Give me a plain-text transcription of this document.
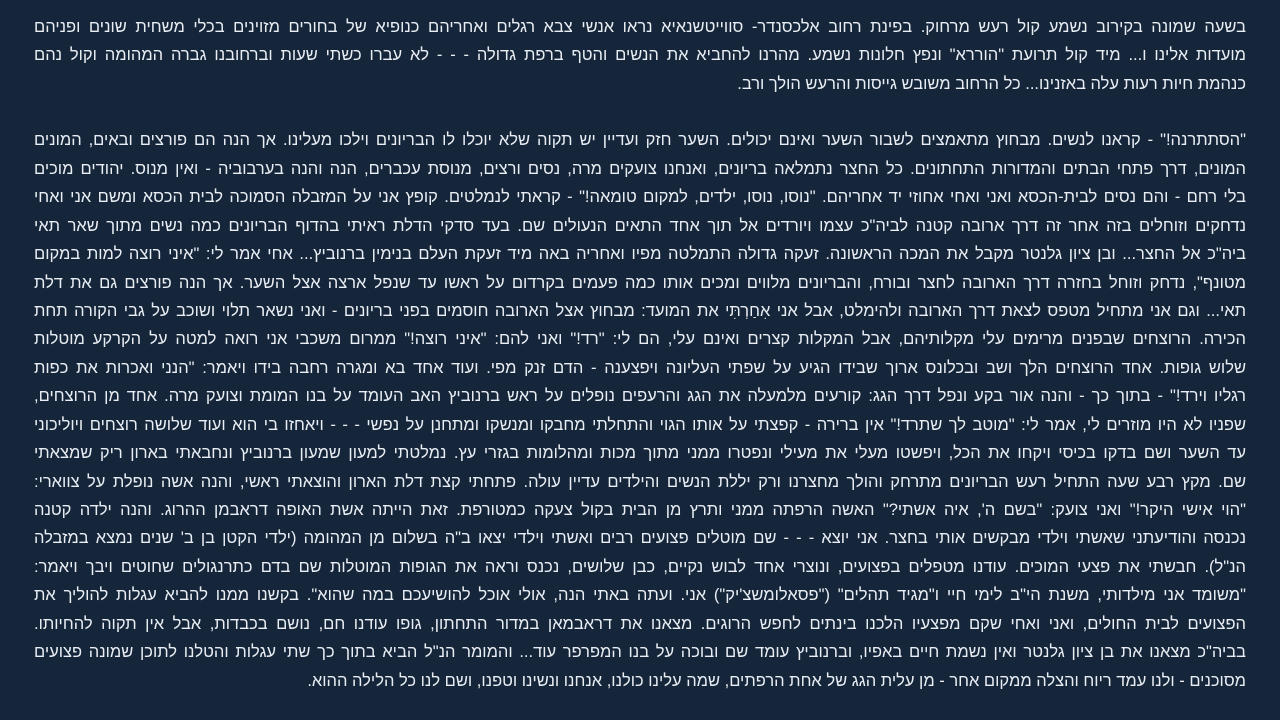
בשעה שמונה בקירוב נשמע קול רעש מרחוק. בפינת רחוב אלכסנדר- סווייטשנאיא נראו אנשי צבא רגלים ואחריהם כנופיא של בחורים מזוינים בכלי משחית שונים ופניהם
מועדות אלינו ו... מיד קול תרועת "הוררא" ונפץ חלונות נשמע. מהרנו להחביא את הנשים והטף ברפת גדולה - - - לא עברו כשתי שעות וברחובנו גברה המהומה וקול נהם
כנהמת חיות רעות עלה באזנינו... כל הרחוב משובש גייסות והרעש הולך ורב.
"הסתתרנה!" - קראנו לנשים. מבחוץ מתאמצים לשבור השער ואינם יכולים. השער חזק ועדיין יש תקוה שלא יוכלו לו הבריונים וילכו מעלינו. אך הנה הם פורצים ובאים, המונים
המונים, דרך פתחי הבתים והמדורות התחתונים. כל החצר נתמלאה בריונים, ואנחנו צועקים מרה, נסים ורצים, מנוסת עכברים, הנה והנה בערבוביה - ואין מנוס. יהודים מוכים
בלי רחם - והם נסים לבית-הכסא ואני ואחי אחוזי יד אחריהם. "נוסו, נוסו, ילדים, למקום טומאה!" - קראתי לנמלטים. קופץ אני על המזבלה הסמוכה לבית הכסא ומשם אני ואחי
נדחקים וזוחלים בזה אחר זה דרך ארובה קטנה לביה"כ עצמו ויורדים אל תוך אחד התאים הנעולים שם. בעד סדקי הדלת ראיתי בהדוף הבריונים כמה נשים מתוך שאר תאי
ביה"כ אל החצר... ובן ציון גלנטר מקבל את המכה הראשונה. זעקה גדולה התמלטה מפיו ואחריה באה מיד זעקת העלם בנימין ברנוביץ... אחי אמר לי: "איני רוצה למות במקום
מטונף", נדחק וזוחל בחזרה דרך הארובה לחצר ובורח, והבריונים מלווים ומכים אותו כמה פעמים בקרדום על ראשו עד שנפל ארצה אצל השער. אך הנה פורצים גם את דלת
תאי... וגם אני מתחיל מטפס לצאת דרך הארובה ולהימלט, אבל אני אִחַרְתִּי את המועד: מבחוץ אצל הארובה חוסמים בפני בריונים - ואני נשאר תלוי ושוכב על גבי הקורה תחת
הכירה. הרוצחים שבפנים מרימים עלי מקלותיהם, אבל המקלות קצרים ואינם עלי, הם לי: "רד!" ואני להם: "איני רוצה!" ממרום משכבי אני רואה למטה על הקרקע מוטלות
שלוש גופות. אחד הרוצחים הלך ושב ובכלונס ארוך שבידו הגיע על שפתי העליונה ויפצענה - הדם זנק מפי. ועוד אחד בא ומגרה רחבה בידו ויאמר: "הנני ואכרות את כפות
רגליו וירד!" - בתוך כך - והנה אור בקע ונפל דרך הגג: קורעים מלמעלה את הגג והרעפים נופלים על ראש ברנוביץ האב העומד על בנו המומת וצועק מרה. אחד מן הרוצחים,
שפניו לא היו מוזרים לי, אמר לי: "מוטב לך שתרד!" אין ברירה - קפצתי על אותו הגוי והתחלתי מחבקו ומנשקו ומתחנן על נפשי - - - ויאחזו בי הוא ועוד שלושה רוצחים ויוליכוני
עד השער ושם בדקו בכיסי ויקחו את הכל, ויפשטו מעלי את מעילי ונפטרו ממני מתוך מכות ומהלומות בגזרי עץ. נמלטתי למעון שמעון ברנוביץ ונחבאתי בארון ריק שמצאתי
שם. מקץ רבע שעה התחיל רעש הבריונים מתרחק והולך מחצרנו ורק יללת הנשים והילדים עדיין עולה. פתחתי קצת דלת הארון והוצאתי ראשי, והנה אשה נופלת על צווארי:
"הוי אישי היקר!" ואני צועק: "בשם ה', איה אשתי?" האשה הרפתה ממני ותרץ מן הבית בקול צעקה כמטורפת. זאת הייתה אשת האופה דראבמן ההרוג. והנה ילדה קטנה
נכנסה והודיעתני שאשתי וילדי מבקשים אותי בחצר. אני יוצא - - - שם מוטלים פצועים רבים ואשתי וילדי יצאו ב"ה בשלום מן המהומה (ילדי הקטן בן ב' שנים נמצא במזבלה
הנ"ל). חבשתי את פצעי המוכים. עודנו מטפלים בפצועים, ונוצרי אחד לבוש נקיים, כבן שלושים, נכנס וראה את הגופות המוטלות שם בדם כתרנגולים שחוטים ויבך ויאמר:
"משומד אני מילדותי, משנת הי"ב לימי חיי ו"מגיד תהלים" ("פסאלומשצ'יק") אני. ועתה באתי הנה, אולי אוכל להושיעכם במה שהוא". בקשנו ממנו להביא עגלות להוליך את
הפצועים לבית החולים, ואני ואחי שקם מפצעיו הלכנו בינתים לחפש הרוגים. מצאנו את דראבמאן במדור התחתון, גופו עודנו חם, נושם בכבדות, אבל אין תקוה להחיותו.
בביה"כ מצאנו את בן ציון גלנטר ואין נשמת חיים באפיו, וברנוביץ עומד שם ובוכה על בנו המפרפר עוד... והמומר הנ"ל הביא בתוך כך שתי עגלות והטלנו לתוכן שמונה פצועים
מסוכנים - ולנו עמד ריוח והצלה ממקום אחר - מן עלית הגג של אחת הרפתים, שמה עלינו כולנו, אנחנו ונשינו וטפנו, ושם לנו כל הלילה ההוא.
